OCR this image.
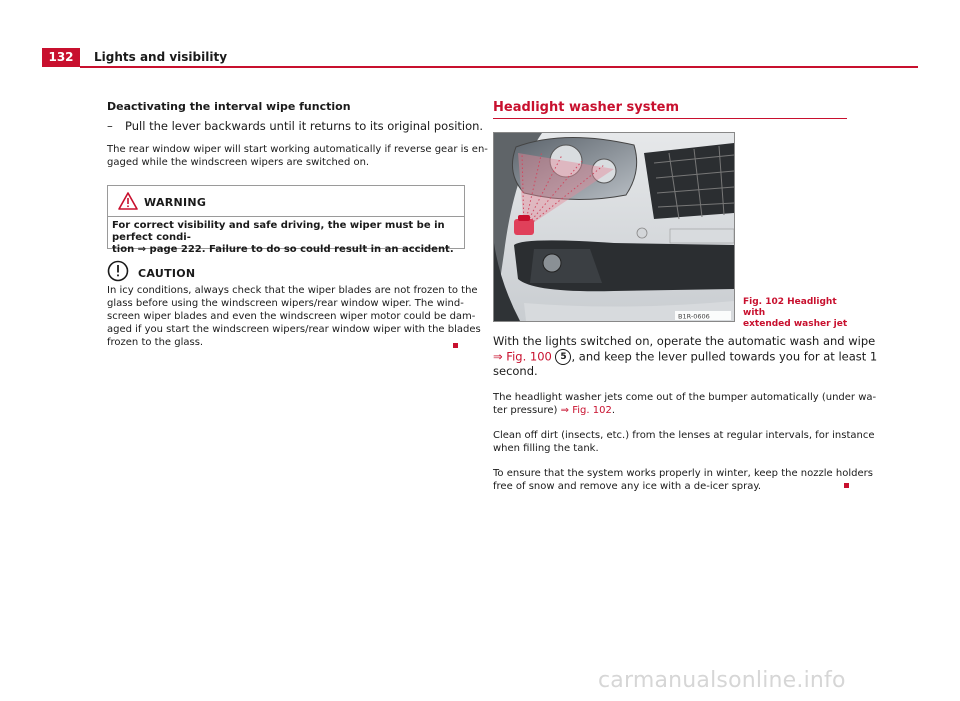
132	Lights and visibility
Deactivating the interval wipe function
– Pull the lever backwards until it returns to its original position.
The rear window wiper will start working automatically if reverse gear is en-
gaged while the windscreen wipers are switched on.
WARNING
For correct visibility and safe driving, the wiper must be in perfect condi-
tion ⇒ page 222. Failure to do so could result in an accident.
CAUTION
In icy conditions, always check that the wiper blades are not frozen to the
glass before using the windscreen wipers/rear window wiper. The wind-
screen wiper blades and even the windscreen wiper motor could be dam-
aged if you start the windscreen wipers/rear window wiper with the blades
frozen to the glass.
Headlight washer system
B1R-0606
Fig. 102 Headlight with
extended washer jet
With the lights switched on, operate the automatic wash and wipe
⇒ Fig. 100 5 , and keep the lever pulled towards you for at least 1
second.
The headlight washer jets come out of the bumper automatically (under wa-
ter pressure) ⇒ Fig. 102.
Clean off dirt (insects, etc.) from the lenses at regular intervals, for instance
when filling the tank.
To ensure that the system works properly in winter, keep the nozzle holders
free of snow and remove any ice with a de-icer spray.
carmanualsonline.info
